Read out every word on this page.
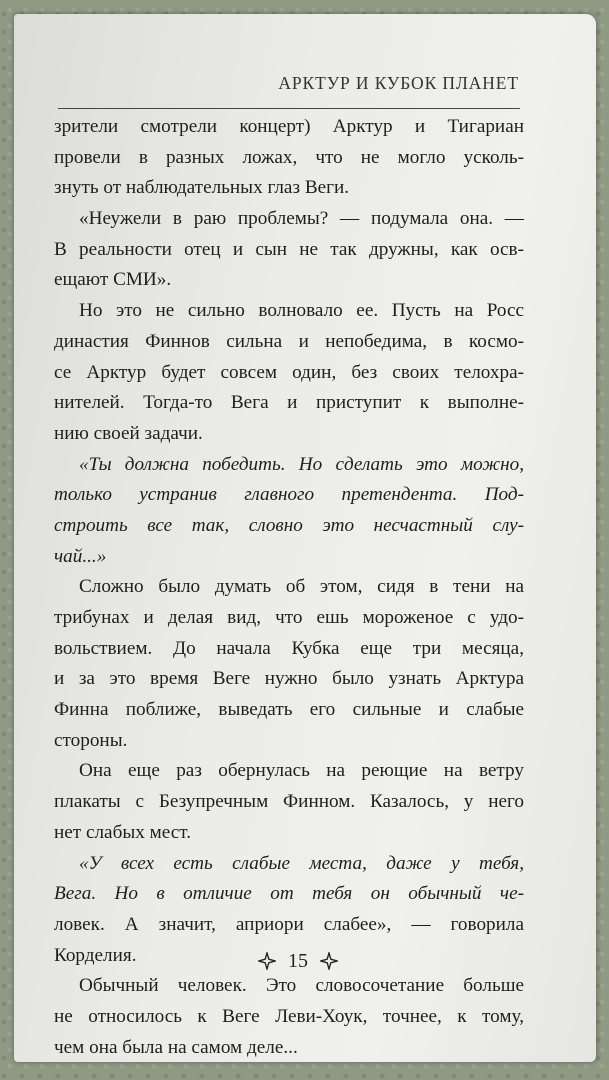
АРКТУР И КУБОК ПЛАНЕТ
зрители смотрели концерт) Арктур и Тигариан
провели в разных ложах, что не могло усколь-
знуть от наблюдательных глаз Веги.
«Неужели в раю проблемы? — подумала она. —
В реальности отец и сын не так дружны, как осв-
ещают СМИ».
Но это не сильно волновало ее. Пусть на Росс
династия Финнов сильна и непобедима, в космо-
се Арктур будет совсем один, без своих телохра-
нителей. Тогда-то Вега и приступит к выполне-
нию своей задачи.
«Ты должна победить. Но сделать это можно,
только устранив главного претендента. Под-
строить все так, словно это несчастный слу-
чай...»
Сложно было думать об этом, сидя в тени на
трибунах и делая вид, что ешь мороженое с удо-
вольствием. До начала Кубка еще три месяца,
и за это время Веге нужно было узнать Арктура
Финна поближе, выведать его сильные и слабые
стороны.
Она еще раз обернулась на реющие на ветру
плакаты с Безупречным Финном. Казалось, у него
нет слабых мест.
«У всех есть слабые места, даже у тебя,
Вега. Но в отличие от тебя он обычный че-
ловек. А значит, априори слабее», — говорила
Корделия.
Обычный человек. Это словосочетание больше
не относилось к Веге Леви-Хоук, точнее, к тому,
чем она была на самом деле...
15
